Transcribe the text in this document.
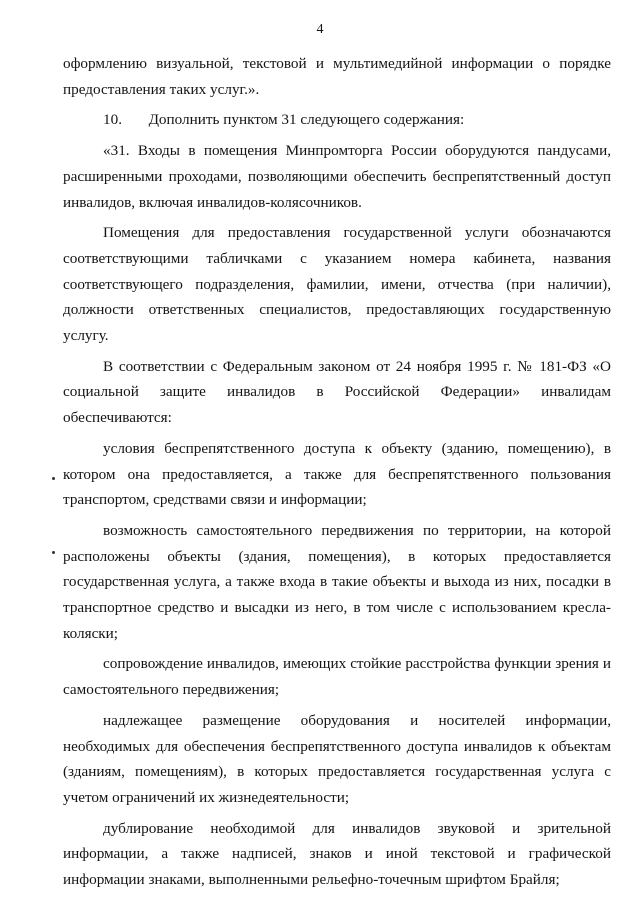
4

оформлению визуальной, текстовой и мультимедийной информации о порядке предоставления таких услуг.».

10.       Дополнить пунктом 31 следующего содержания:

«31. Входы в помещения Минпромторга России оборудуются пандусами, расширенными проходами, позволяющими обеспечить беспрепятственный доступ инвалидов, включая инвалидов-колясочников.

Помещения для предоставления государственной услуги обозначаются соответствующими табличками с указанием номера кабинета, названия соответствующего подразделения, фамилии, имени, отчества (при наличии), должности ответственных специалистов, предоставляющих государственную услугу.

В соответствии с Федеральным законом от 24 ноября 1995 г. № 181-ФЗ «О социальной защите инвалидов в Российской Федерации» инвалидам обеспечиваются:

условия беспрепятственного доступа к объекту (зданию, помещению), в котором она предоставляется, а также для беспрепятственного пользования транспортом, средствами связи и информации;

возможность самостоятельного передвижения по территории, на которой расположены объекты (здания, помещения), в которых предоставляется государственная услуга, а также входа в такие объекты и выхода из них, посадки в транспортное средство и высадки из него, в том числе с использованием кресла-коляски;

сопровождение инвалидов, имеющих стойкие расстройства функции зрения и самостоятельного передвижения;

надлежащее размещение оборудования и носителей информации, необходимых для обеспечения беспрепятственного доступа инвалидов к объектам (зданиям, помещениям), в которых предоставляется государственная услуга с учетом ограничений их жизнедеятельности;

дублирование необходимой для инвалидов звуковой и зрительной информации, а также надписей, знаков и иной текстовой и графической информации знаками, выполненными рельефно-точечным шрифтом Брайля;
